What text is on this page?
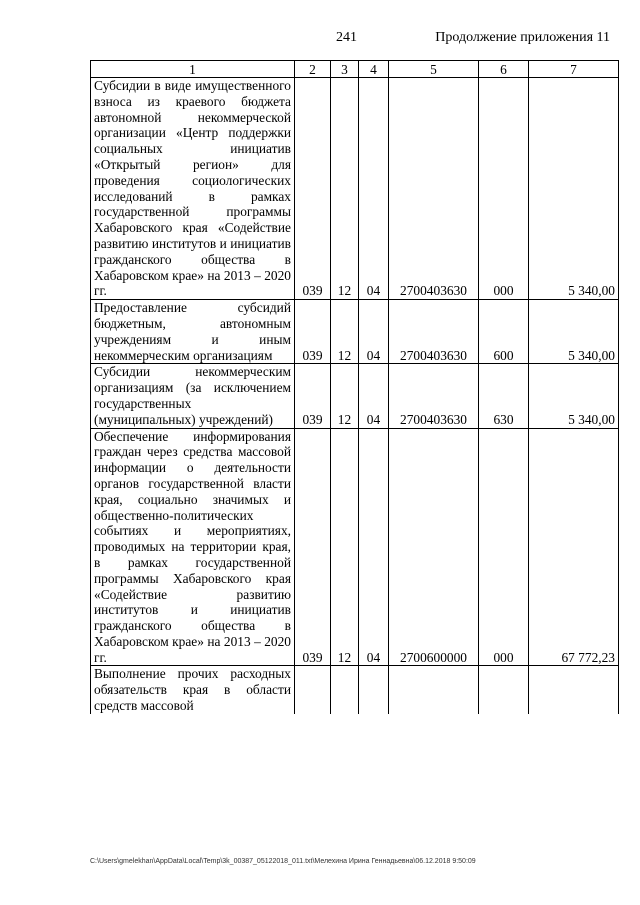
241	Продолжение приложения 11
1	2	3	4	5	6	7
Субсидии в виде имущественного взноса из краевого бюджета автономной некоммерческой организации «Центр поддержки социальных инициатив «Открытый регион» для проведения социологических исследований в рамках государственной программы Хабаровского края «Содействие развитию институтов и инициатив гражданского общества в Хабаровском крае» на 2013 – 2020 гг.	039	12	04	2700403630	000	5 340,00
Предоставление субсидий бюджетным, автономным учреждениям и иным некоммерческим организациям	039	12	04	2700403630	600	5 340,00
Субсидии некоммерческим организациям (за исключением государственных (муниципальных) учреждений)	039	12	04	2700403630	630	5 340,00
Обеспечение информирования граждан через средства массовой информации о деятельности органов государственной власти края, социально значимых и общественно-политических событиях и мероприятиях, проводимых на территории края, в рамках государственной программы Хабаровского края «Содействие развитию институтов и инициатив гражданского общества в Хабаровском крае» на 2013 – 2020 гг.	039	12	04	2700600000	000	67 772,23
Выполнение прочих расходных обязательств края в области средств массовой						
C:\Users\gmelekhan\AppData\Local\Temp\3k_00387_05122018_011.txt\Мелехина Ирина Геннадьевна\06.12.2018 9:50:09
